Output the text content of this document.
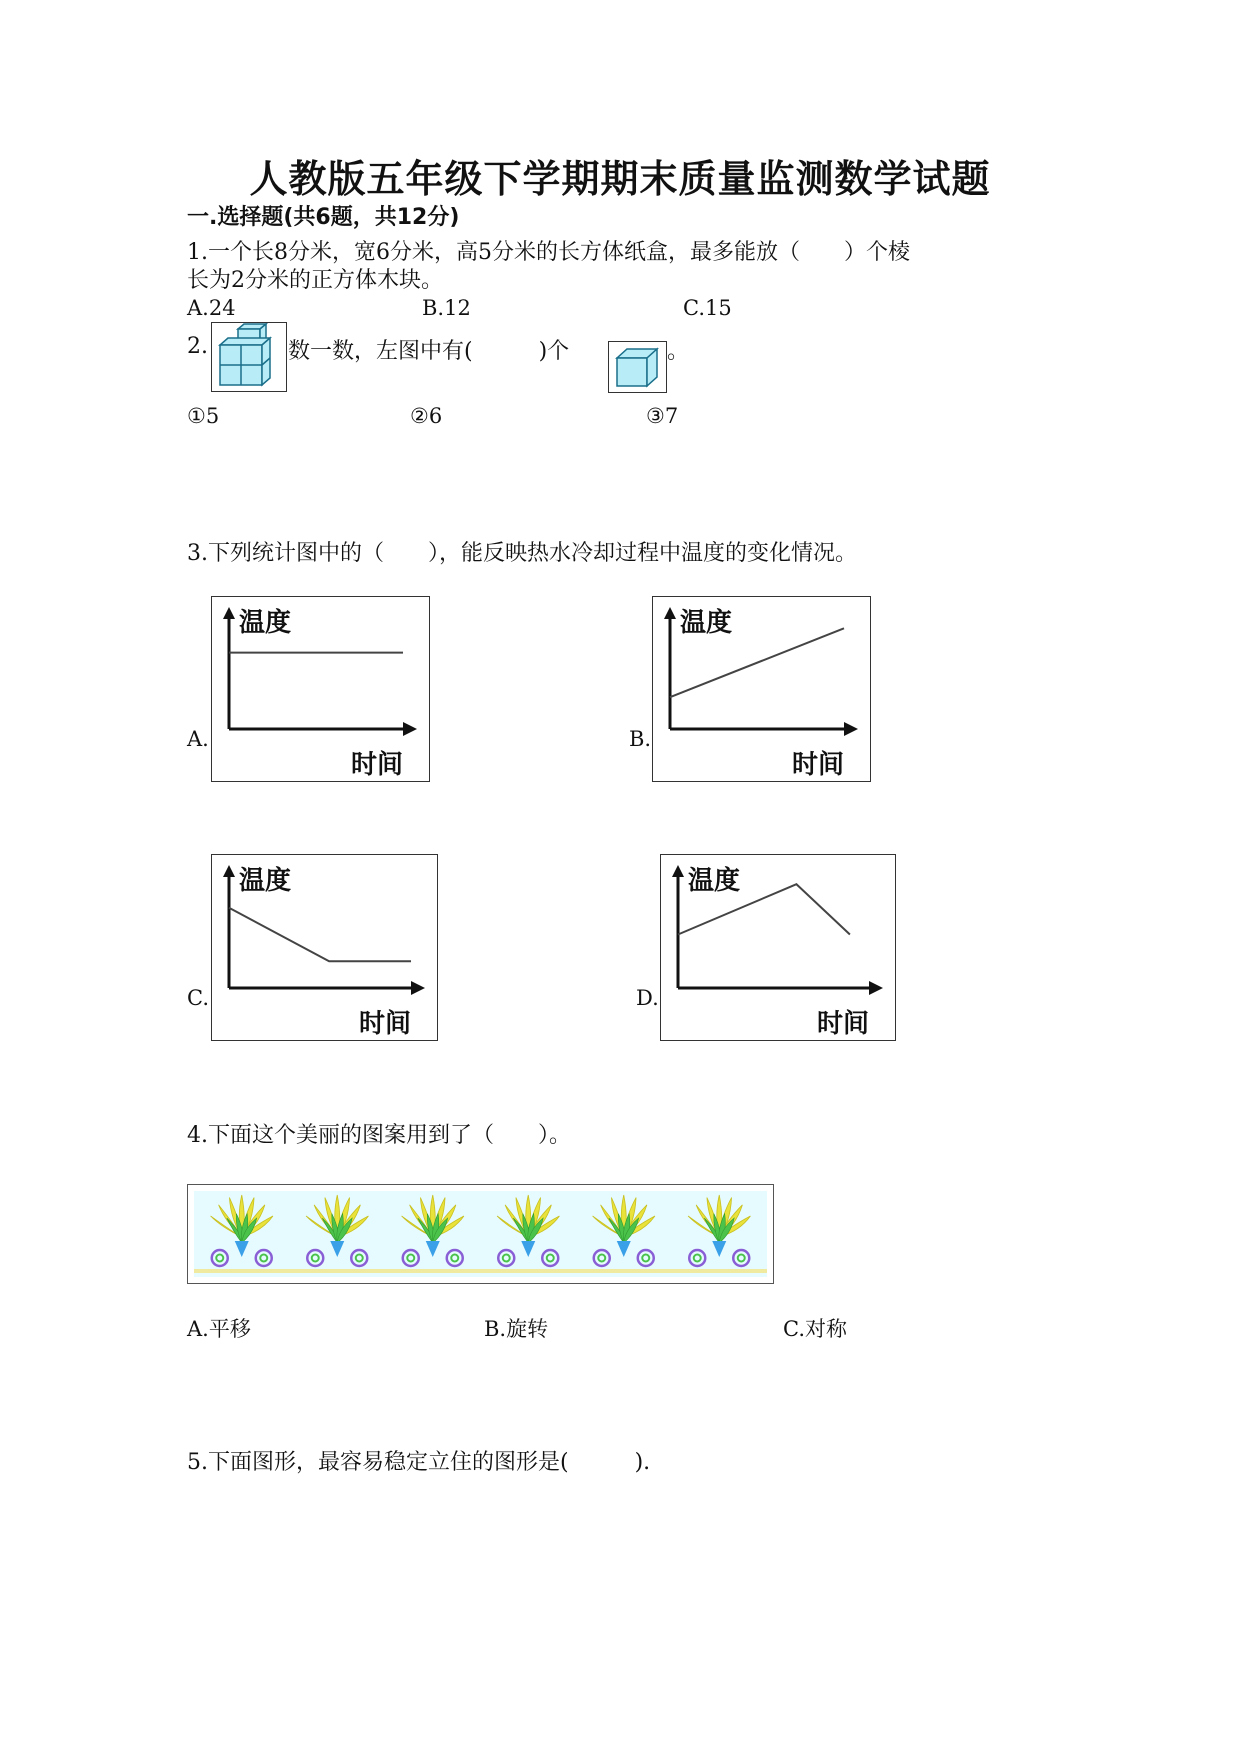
人教版五年级下学期期末质量监测数学试题
一.选择题(共6题，共12分)
1.一个长8分米，宽6分米，高5分米的长方体纸盒，最多能放（　　）个棱
长为2分米的正方体木块。
A.24	B.12	C.15
2.	数一数，左图中有(　　　)个	。
①5	②6	③7
3.下列统计图中的（　　），能反映热水冷却过程中温度的变化情况。
A.	B.
C.	D.
温度
时间
温度
时间
温度
时间
温度
时间
4.下面这个美丽的图案用到了（　　）。
A.平移	B.旋转	C.对称
5.下面图形，最容易稳定立住的图形是(　　　).
